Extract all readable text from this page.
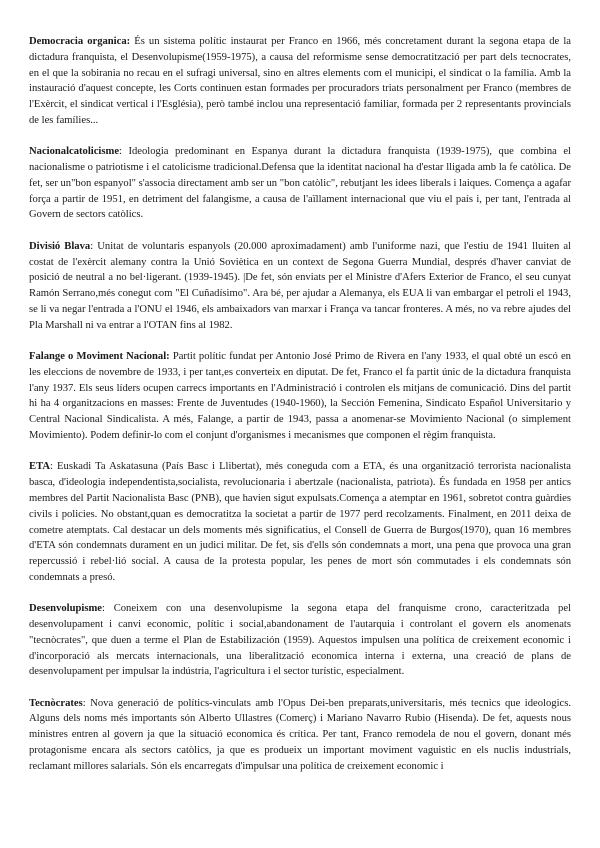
Democracia organica: És un sistema polític instaurat per Franco en 1966, més concretament durant la segona etapa de la dictadura franquista, el Desenvolupisme(1959-1975), a causa del reformisme sense democratització per part dels tecnocrates, en el que la sobirania no recau en el sufragi universal, sino en altres elements com el municipi, el sindicat o la família. Amb la instauració d'aquest concepte, les Corts continuen estan formades per procuradors triats personalment per Franco (membres de l'Exèrcit, el sindicat vertical i l'Església), però també inclou una representació familiar, formada per 2 representants provincials de les famílies...

Nacionalcatolicisme: Ideologia predominant en Espanya durant la dictadura franquista (1939-1975), que combina el nacionalisme o patriotisme i el catolicisme tradicional.Defensa que la identitat nacional ha d'estar lligada amb la fe catòlica. De fet, ser un"bon espanyol" s'associa directament amb ser un "bon catòlic", rebutjant les idees liberals i laiques. Comença a agafar força a partir de 1951, en detriment del falangisme, a causa de l'aïllament internacional que viu el país i, per tant, l'entrada al Govern de sectors catòlics.

Divisió Blava: Unitat de voluntaris espanyols (20.000 aproximadament) amb l'uniforme nazi, que l'estiu de 1941 lluiten al costat de l'exèrcit alemany contra la Unió Soviètica en un context de Segona Guerra Mundial, després d'haver canviat de posició de neutral a no bel·ligerant. (1939-1945). |De fet, són enviats per el Ministre d'Afers Exterior de Franco, el seu cunyat Ramón Serrano,més conegut com "El Cuñadísimo". Ara bé, per ajudar a Alemanya, els EUA li van embargar el petroli el 1943, se li va negar l'entrada a l'ONU el 1946, els ambaixadors van marxar i França va tancar fronteres. A més, no va rebre ajudes del Pla Marshall ni va entrar a l'OTAN fins al 1982.

Falange o Moviment Nacional: Partit polític fundat per Antonio José Primo de Rivera en l'any 1933, el qual obté un escó en les eleccions de novembre de 1933, i per tant,es converteix en diputat. De fet, Franco el fa partit únic de la dictadura franquista l'any 1937. Els seus líders ocupen carrecs importants en l'Administració i controlen els mitjans de comunicació. Dins del partit hi ha 4 organitzacions en masses: Frente de Juventudes (1940-1960), la Sección Femenina, Sindicato Español Universitario y Central Nacional Sindicalista. A més, Falange, a partir de 1943, passa a anomenar-se Movimiento Nacional (o simplement Movimiento). Podem definir-lo com el conjunt d'organismes i mecanismes que componen el règim franquista.

ETA: Euskadi Ta Askatasuna (País Basc i Llibertat), més coneguda com a ETA, és una organització terrorista nacionalista basca, d'ideologia independentista,socialista, revolucionaria i abertzale (nacionalista, patriota). És fundada en 1958 per antics membres del Partit Nacionalista Basc (PNB), que havien sigut expulsats.Comença a atemptar en 1961, sobretot contra guàrdies civils i policies. No obstant,quan es democratitza la societat a partir de 1977 perd recolzaments. Finalment, en 2011 deixa de cometre atemptats. Cal destacar un dels moments més significatius, el Consell de Guerra de Burgos(1970), quan 16 membres d'ETA són condemnats durament en un judici militar. De fet, sis d'ells són condemnats a mort, una pena que provoca una gran repercussió i rebel·lió social. A causa de la protesta popular, les penes de mort són commutades i els condemnats són condemnats a presó.

Desenvolupisme: Coneixem con una desenvolupisme la segona etapa del franquisme crono, caracteritzada pel desenvolupament i canvi economic, polític i social,abandonament de l'autarquia i controlant el govern els anomenats "tecnòcrates", que duen a terme el Plan de Estabilización (1959). Aquestos impulsen una política de creixement economic i d'incorporació als mercats internacionals, una liberalització economica interna i externa, una creació de plans de desenvolupament per impulsar la indústria, l'agricultura i el sector turístic, especialment.

Tecnòcrates: Nova generació de polítics-vinculats amb l'Opus Dei-ben preparats,universitaris, més tecnics que ideologics. Alguns dels noms més importants són Alberto Ullastres (Comerç) i Mariano Navarro Rubio (Hisenda). De fet, aquests nous ministres entren al govern ja que la situació economica és crítica. Per tant, Franco remodela de nou el govern, donant més protagonisme encara als sectors catòlics, ja que es produeix un important moviment vaguistic en els nuclis industrials, reclamant millores salarials. Són els encarregats d'impulsar una política de creixement economic i
